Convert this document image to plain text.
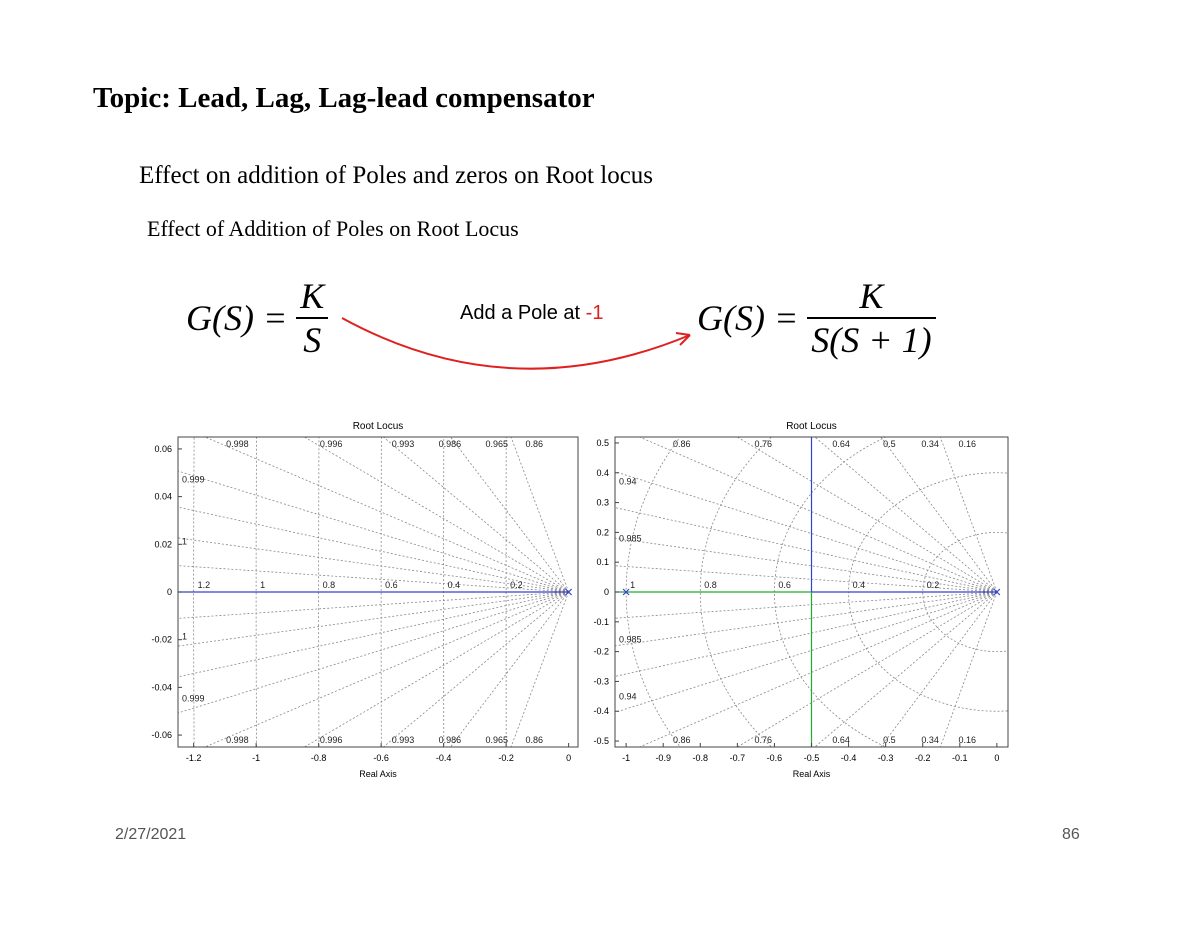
Topic: Lead, Lag, Lag-lead compensator
Effect on addition of Poles and zeros on Root locus
Effect of Addition of Poles on Root Locus
$G(S) = \frac{K}{S}$	Add a Pole at -1	$G(S) = \frac{K}{S(S + 1)}$
Root Locus
-1.2	-1	-0.8	-0.6	-0.4	-0.2	0
0.06
0.04
0.02
0
-0.02
-0.04
-0.06
Real Axis
0.998	0.996	0.993	0.986	0.965 0.86
0.998	0.996	0.993	0.986	0.965 0.86
0.999
1
1
0.999
1.2	1	0.8	0.6	0.4	0.2
Root Locus
-1	-0.9 -0.8 -0.7 -0.6 -0.5 -0.4 -0.3 -0.2 -0.1	0
0.5
0.4
0.3
0.2
0.1
0
-0.1
-0.2
-0.3
-0.4
-0.5
Real Axis
0.86	0.76	0.64	0.5	0.34 0.16
0.86	0.76	0.64	0.5	0.34 0.16
0.94
0.985
0.985
0.94
1	0.8	0.6	0.4	0.2
2/27/2021	86
